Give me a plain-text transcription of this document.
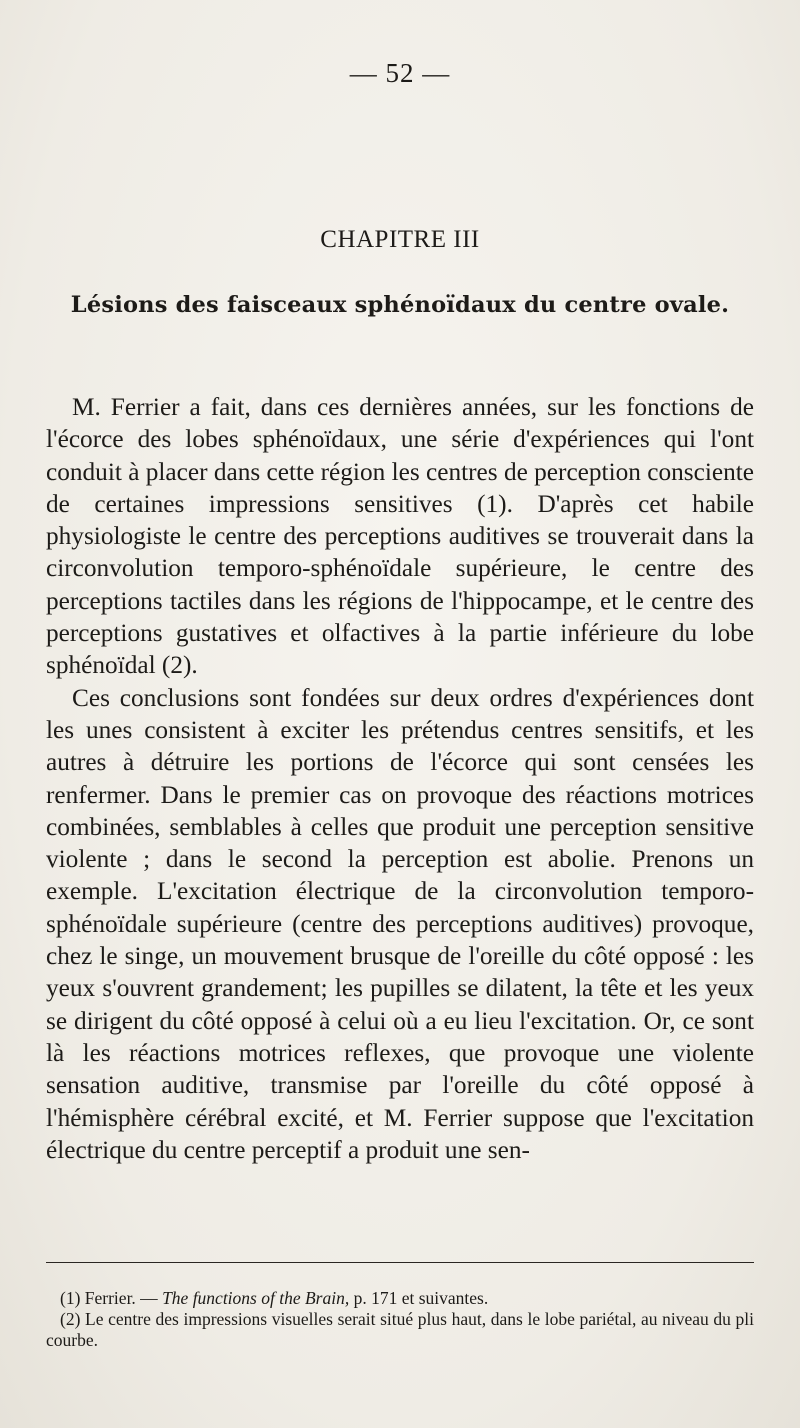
— 52 —
CHAPITRE III
Lésions des faisceaux sphénoïdaux du centre ovale.

M. Ferrier a fait, dans ces dernières années, sur les fonctions de l'écorce des lobes sphénoïdaux, une série d'expériences qui l'ont conduit à placer dans cette région les centres de perception consciente de certaines impressions sensitives (1). D'après cet habile physiologiste le centre des perceptions auditives se trouverait dans la circonvolution temporo-sphénoïdale supérieure, le centre des perceptions tactiles dans les régions de l'hippocampe, et le centre des perceptions gustatives et olfactives à la partie inférieure du lobe sphénoïdal (2).

Ces conclusions sont fondées sur deux ordres d'expériences dont les unes consistent à exciter les prétendus centres sensitifs, et les autres à détruire les portions de l'écorce qui sont censées les renfermer. Dans le premier cas on provoque des réactions motrices combinées, semblables à celles que produit une perception sensitive violente ; dans le second la perception est abolie. Prenons un exemple. L'excitation électrique de la circonvolution temporo-sphénoïdale supérieure (centre des perceptions auditives) provoque, chez le singe, un mouvement brusque de l'oreille du côté opposé : les yeux s'ouvrent grandement; les pupilles se dilatent, la tête et les yeux se dirigent du côté opposé à celui où a eu lieu l'excitation. Or, ce sont là les réactions motrices reflexes, que provoque une violente sensation auditive, transmise par l'oreille du côté opposé à l'hémisphère cérébral excité, et M. Ferrier suppose que l'excitation électrique du centre perceptif a produit une sen-

(1) Ferrier. — The functions of the Brain, p. 171 et suivantes.

(2) Le centre des impressions visuelles serait situé plus haut, dans le lobe pariétal, au niveau du pli courbe.
